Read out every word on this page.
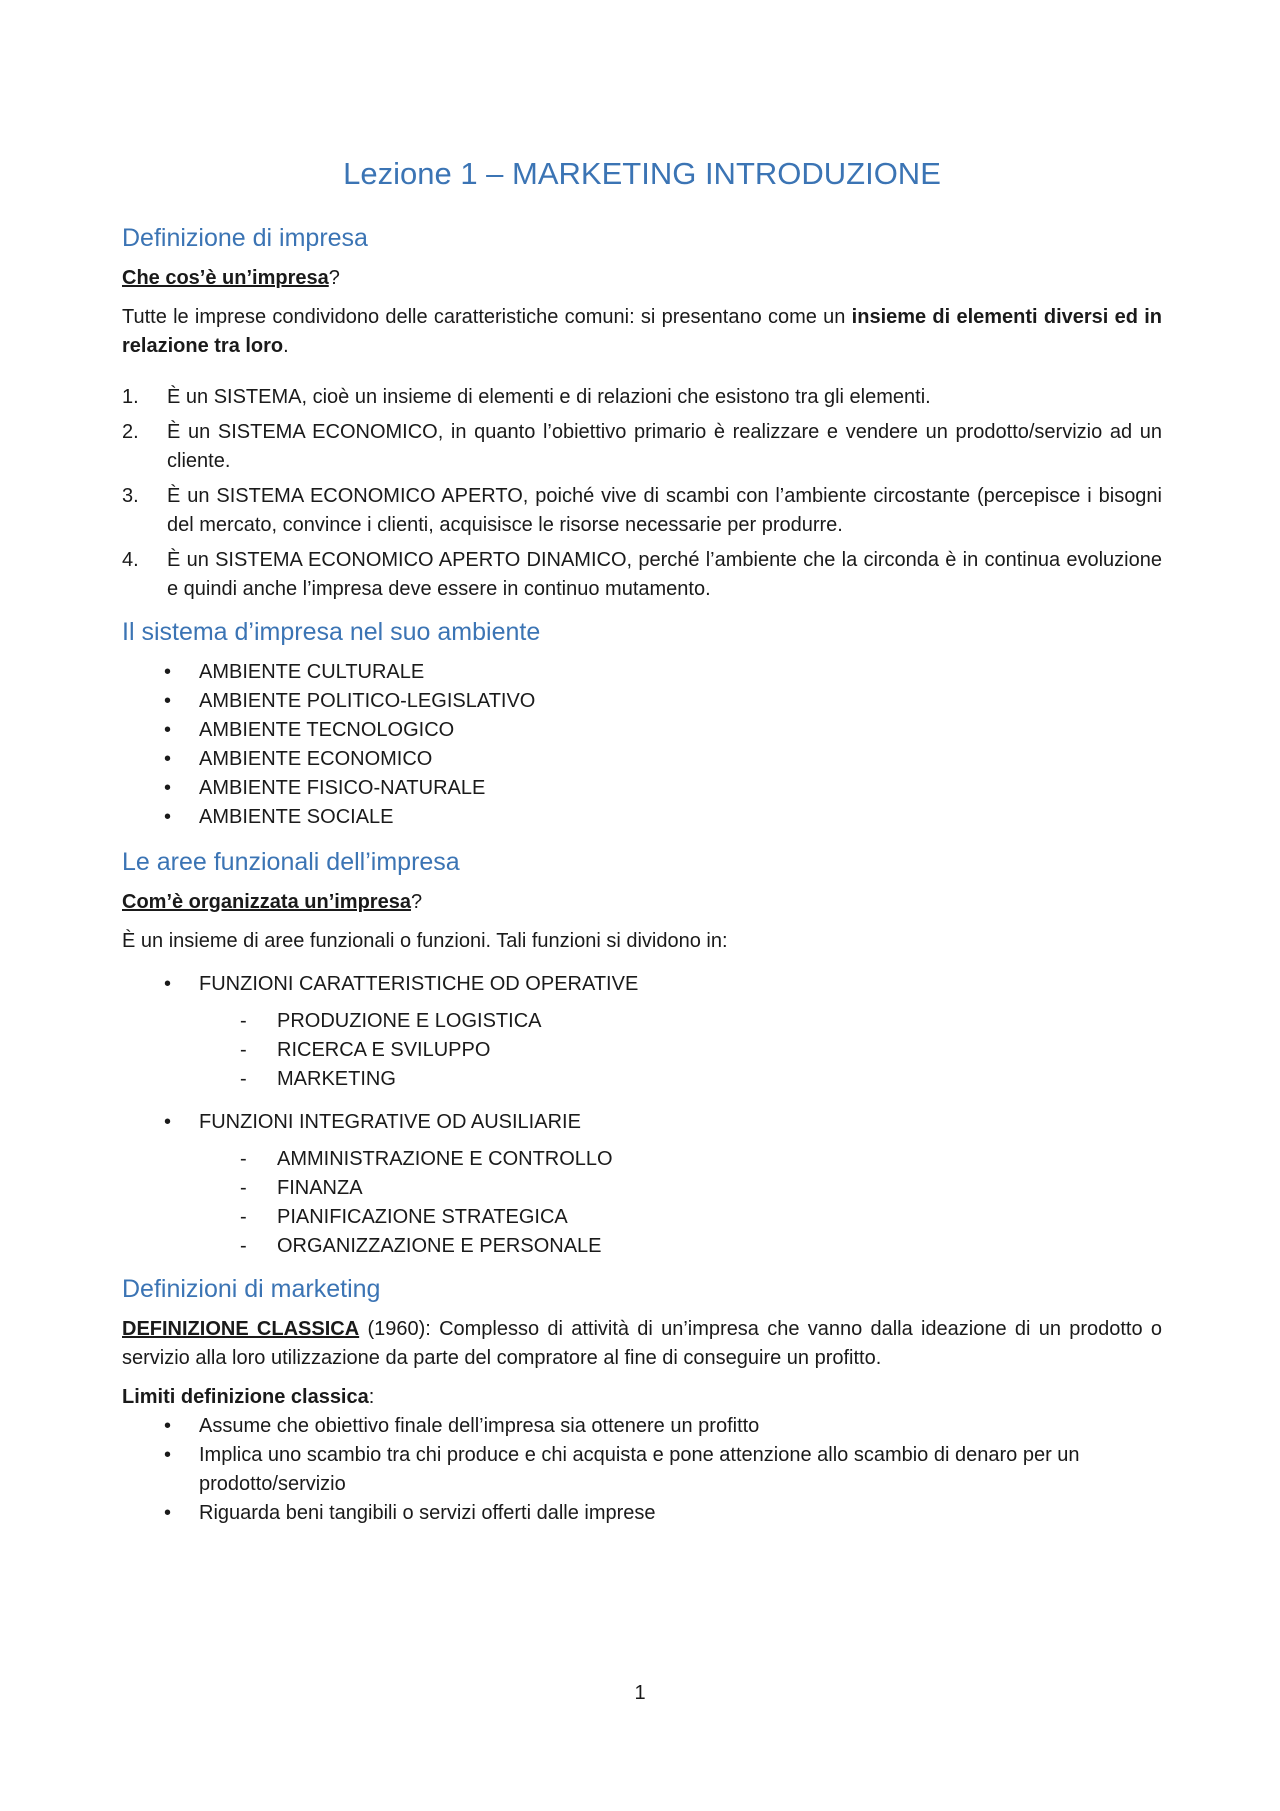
Lezione 1 – MARKETING INTRODUZIONE
Definizione di impresa

Che cos’è un’impresa?

Tutte le imprese condividono delle caratteristiche comuni: si presentano come un insieme di elementi diversi ed in relazione tra loro.

1. È un SISTEMA, cioè un insieme di elementi e di relazioni che esistono tra gli elementi.
2. È un SISTEMA ECONOMICO, in quanto l’obiettivo primario è realizzare e vendere un prodotto/servizio ad un cliente.
3. È un SISTEMA ECONOMICO APERTO, poiché vive di scambi con l’ambiente circostante (percepisce i bisogni del mercato, convince i clienti, acquisisce le risorse necessarie per produrre.
4. È un SISTEMA ECONOMICO APERTO DINAMICO, perché l’ambiente che la circonda è in continua evoluzione e quindi anche l’impresa deve essere in continuo mutamento.
Il sistema d’impresa nel suo ambiente
• AMBIENTE CULTURALE
• AMBIENTE POLITICO-LEGISLATIVO
• AMBIENTE TECNOLOGICO
• AMBIENTE ECONOMICO
• AMBIENTE FISICO-NATURALE
• AMBIENTE SOCIALE
Le aree funzionali dell’impresa

Com’è organizzata un’impresa?

È un insieme di aree funzionali o funzioni. Tali funzioni si dividono in:

• FUNZIONI CARATTERISTICHE OD OPERATIVE
- PRODUZIONE E LOGISTICA
- RICERCA E SVILUPPO
- MARKETING
• FUNZIONI INTEGRATIVE OD AUSILIARIE
- AMMINISTRAZIONE E CONTROLLO
- FINANZA
- PIANIFICAZIONE STRATEGICA
- ORGANIZZAZIONE E PERSONALE
Definizioni di marketing

DEFINIZIONE CLASSICA (1960): Complesso di attività di un’impresa che vanno dalla ideazione di un prodotto o servizio alla loro utilizzazione da parte del compratore al fine di conseguire un profitto.

Limiti definizione classica:

• Assume che obiettivo finale dell’impresa sia ottenere un profitto
• Implica uno scambio tra chi produce e chi acquista e pone attenzione allo scambio di denaro per un prodotto/servizio
• Riguarda beni tangibili o servizi offerti dalle imprese
1
